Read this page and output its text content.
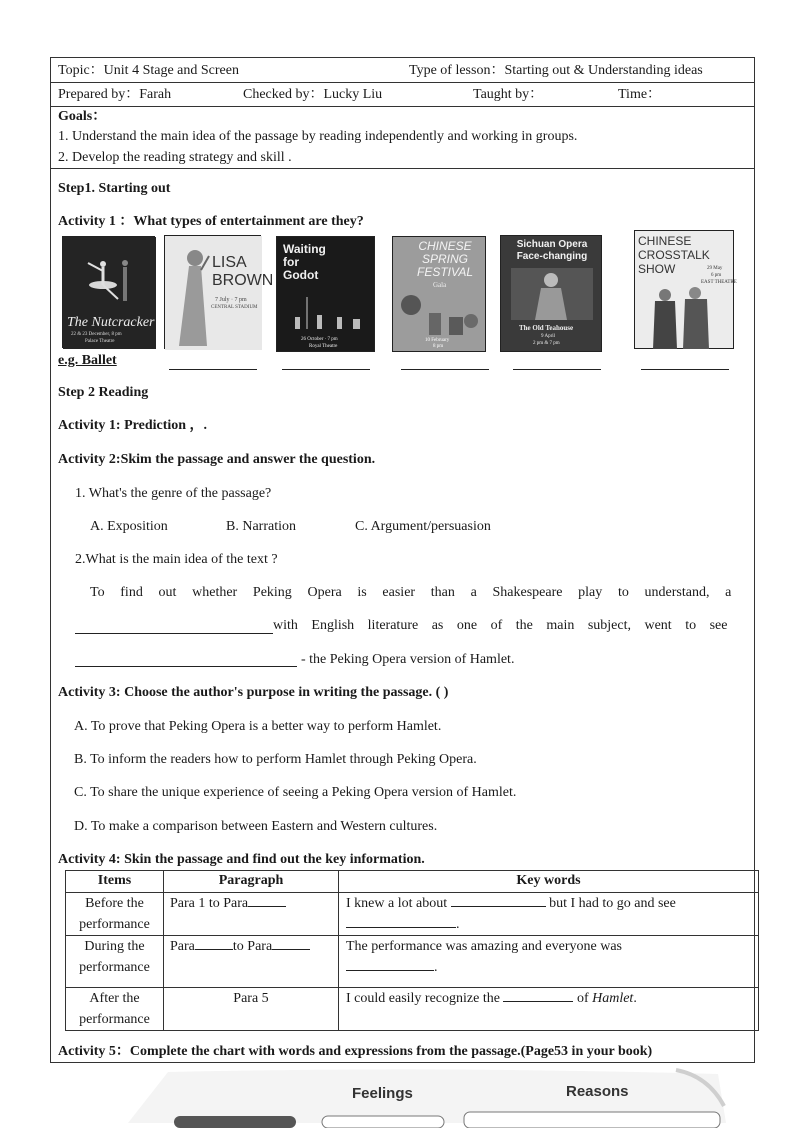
Topic：Unit 4 Stage and Screen	Type of lesson：Starting out & Understanding ideas
Prepared by：Farah	Checked by：Lucky Liu	Taught by：	Time：
Goals：
1. Understand the main idea of the passage by reading independently and working in groups.
2. Develop the reading strategy and skill .
Step1. Starting out
Activity 1 ：What types of entertainment are they?
The Nutcracker
22 & 23 December, 8 pm
Palace Theatre
LISA BROWN
7 July · 7 pm
CENTRAL STADIUM
Waiting for Godot
26 October · 7 pm
Royal Theatre
CHINESE SPRING FESTIVAL
Gala
10 February
8 pm
Sichuan Opera Face-changing
The Old Teahouse
9 April
2 pm & 7 pm
CHINESE CROSSTALK SHOW	29 May
6 pm
EAST THEATRE
e.g. Ballet
Step 2 Reading
Activity 1: Prediction ，.
Activity 2:Skim the passage and answer the question.
1. What's the genre of the passage?
A. Exposition	B. Narration	C. Argument/persuasion
2.What is the main idea of the text ?
To find out whether Peking Opera is easier than a Shakespeare play to understand, a
with English literature as one of the main subject, went to see
- the Peking Opera version of Hamlet.
Activity 3: Choose the author's purpose in writing the passage. ( )
A. To prove that Peking Opera is a better way to perform Hamlet.
B. To inform the readers how to perform Hamlet through Peking Opera.
C. To share the unique experience of seeing a Peking Opera version of Hamlet.
D. To make a comparison between Eastern and Western cultures.
Activity 4: Skin the passage and find out the key information.
Items	Paragraph	Key words
Before the
performance	Para 1 to Para	I knew a lot about but I had to go and see
.
During the
performance	Para to Para	The performance was amazing and everyone was
.
After the
performance	Para 5	I could easily recognize the of Hamlet.
Activity 5：Complete the chart with words and expressions from the passage.(Page53 in your book)
Feelings	Reasons
